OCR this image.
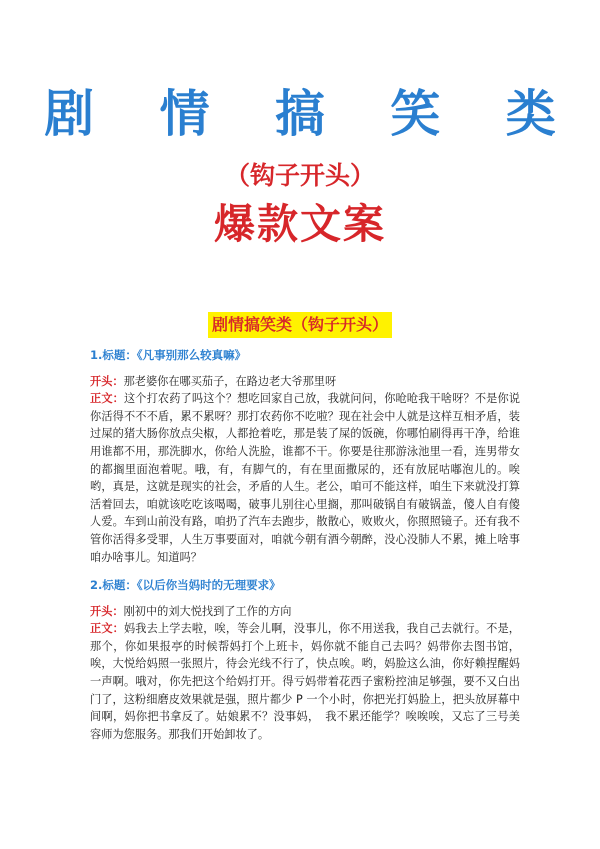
剧 情 搞 笑 类
（钩子开头）
爆款文案
剧情搞笑类（钩子开头）
1.标题：《凡事别那么较真嘛》

开头：那老婆你在哪买茄子，在路边老大爷那里呀

正文：这个打农药了吗这个？想吃回家自己放，我就问问，你呛呛我干啥呀？不是你说你活得不不不盾，累不累呀？那打农药你不吃啦？现在社会中人就是这样互相矛盾，装过屎的猪大肠你放点尖椒，人都抢着吃，那是装了屎的饭碗，你哪怕刷得再干净，给谁用谁都不用，那洗脚水，你给人洗脸，谁都不干。你要是往那游泳池里一看，连男带女的都搁里面泡着呢。哦，有，有脚气的，有在里面撒尿的，还有放屁咕嘟泡儿的。唉哟，真是，这就是现实的社会，矛盾的人生。老公，咱可不能这样，咱生下来就没打算活着回去，咱就该吃吃该喝喝，破事儿别往心里搁，那叫破锅自有破锅盖，傻人自有傻人爱。车到山前没有路，咱扔了汽车去跑步，散散心，败败火，你照照镜子。还有我不管你活得多受罪，人生万事要面对，咱就今朝有酒今朝醉，没心没肺人不累，摊上啥事咱办啥事儿。知道吗？

2.标题：《以后你当妈时的无理要求》

开头：刚初中的刘大悦找到了工作的方向

正文：妈我去上学去啦，唉，等会儿啊，没事儿，你不用送我，我自己去就行。不是，那个，你如果报亭的时候帮妈打个上班卡，妈你就不能自己去吗？妈带你去图书馆，唉，大悦给妈照一张照片，待会光线不行了，快点唉。哟，妈脸这么油，你好赖捏醒妈一声啊。哦对，你先把这个给妈打开。得亏妈带着花西子蜜粉控油足够强，要不又白出门了，这粉细磨皮效果就是强，照片都少 P 一个小时，你把光打妈脸上，把头放屏幕中间啊，妈你把书拿反了。姑娘累不？没事妈，　我不累还能学？唉唉唉，又忘了三号美容师为您服务。那我们开始卸妆了。
